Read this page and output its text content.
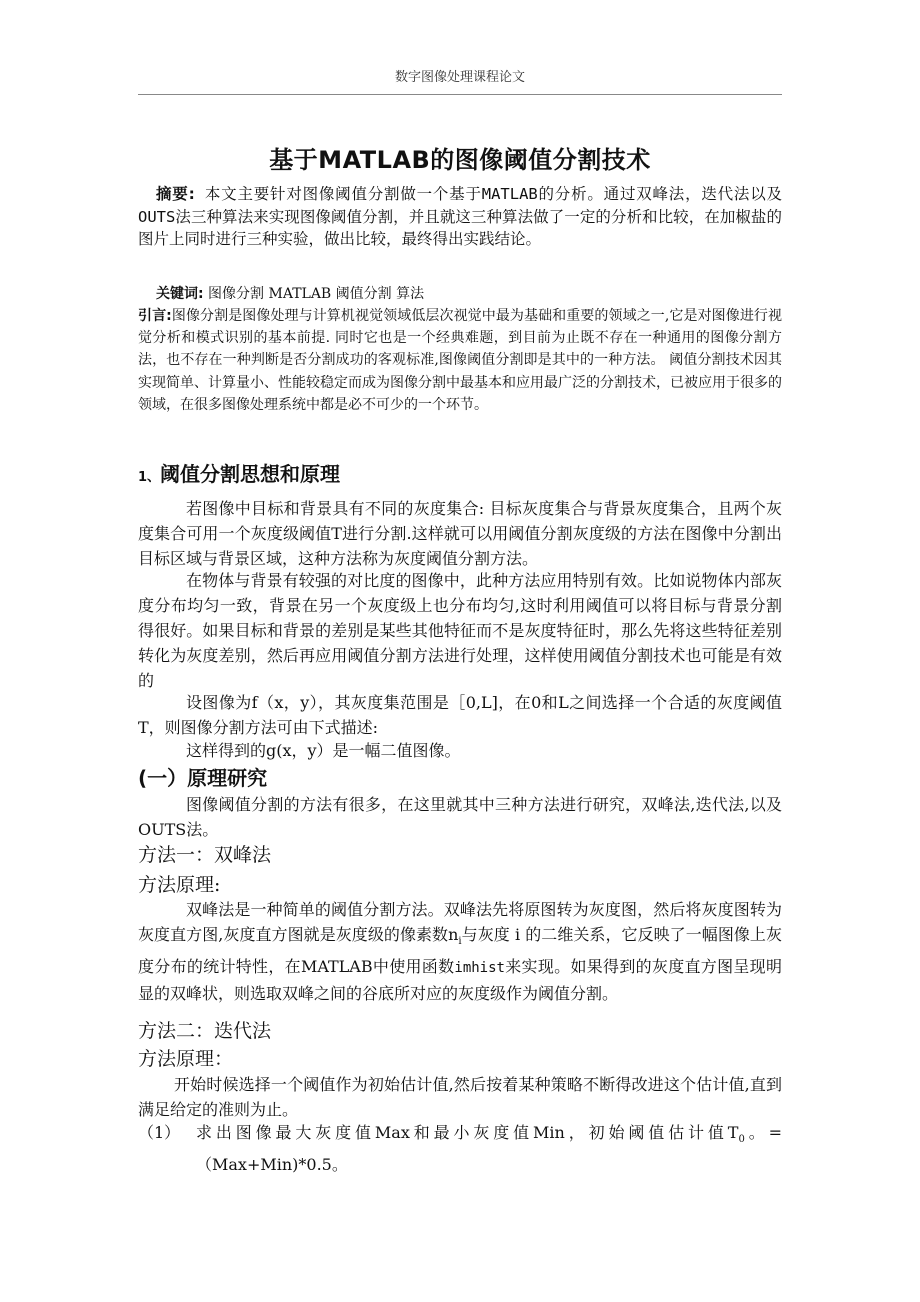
数字图像处理课程论文
基于MATLAB的图像阈值分割技术

摘要: 本文主要针对图像阈值分割做一个基于MATLAB的分析。通过双峰法，迭代法以及OUTS法三种算法来实现图像阈值分割，并且就这三种算法做了一定的分析和比较，在加椒盐的图片上同时进行三种实验，做出比较，最终得出实践结论。

关键词: 图像分割 MATLAB 阈值分割 算法

引言:图像分割是图像处理与计算机视觉领域低层次视觉中最为基础和重要的领域之一,它是对图像进行视觉分析和模式识别的基本前提. 同时它也是一个经典难题，到目前为止既不存在一种通用的图像分割方法，也不存在一种判断是否分割成功的客观标准,图像阈值分割即是其中的一种方法。 阈值分割技术因其实现简单、计算量小、性能较稳定而成为图像分割中最基本和应用最广泛的分割技术，已被应用于很多的领域，在很多图像处理系统中都是必不可少的一个环节。

1、阈值分割思想和原理

若图像中目标和背景具有不同的灰度集合: 目标灰度集合与背景灰度集合，且两个灰度集合可用一个灰度级阈值T进行分割.这样就可以用阈值分割灰度级的方法在图像中分割出目标区域与背景区域，这种方法称为灰度阈值分割方法。

在物体与背景有较强的对比度的图像中，此种方法应用特别有效。比如说物体内部灰度分布均匀一致，背景在另一个灰度级上也分布均匀,这时利用阈值可以将目标与背景分割得很好。如果目标和背景的差别是某些其他特征而不是灰度特征时，那么先将这些特征差别转化为灰度差别，然后再应用阈值分割方法进行处理，这样使用阈值分割技术也可能是有效的

设图像为f（x，y），其灰度集范围是［0,L]，在0和L之间选择一个合适的灰度阈值T，则图像分割方法可由下式描述:

这样得到的g(x，y）是一幅二值图像。

(一）原理研究

图像阈值分割的方法有很多，在这里就其中三种方法进行研究，双峰法,迭代法,以及OUTS法。

方法一：双峰法
方法原理:

双峰法是一种简单的阈值分割方法。双峰法先将原图转为灰度图，然后将灰度图转为灰度直方图,灰度直方图就是灰度级的像素数$n_i$与灰度 i 的二维关系，它反映了一幅图像上灰度分布的统计特性，在MATLAB中使用函数imhist来实现。如果得到的灰度直方图呈现明显的双峰状，则选取双峰之间的谷底所对应的灰度级作为阈值分割。

方法二：迭代法
方法原理：

开始时候选择一个阈值作为初始估计值,然后按着某种策略不断得改进这个估计值,直到满足给定的准则为止。

（1） 求出图像最大灰度值Max和最小灰度值Min，初始阈值估计值$T_0$。=（Max+Min)*0.5。
